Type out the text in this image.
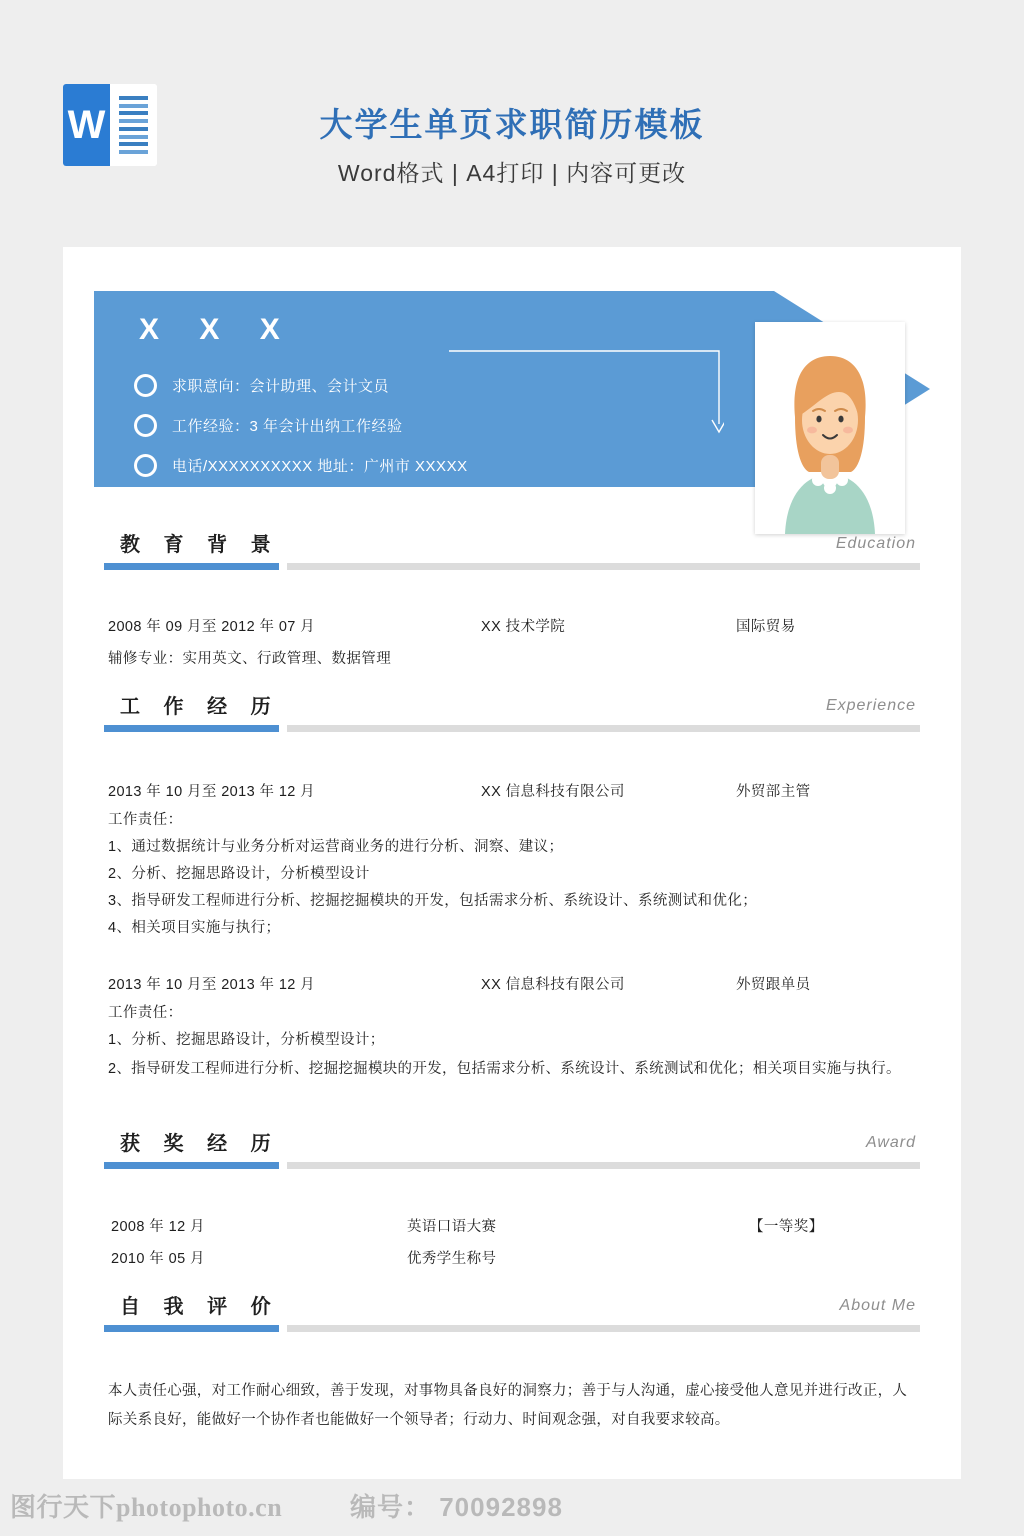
W	大学生单页求职简历模板
Word格式 | A4打印 | 内容可更改
X X X
求职意向：会计助理、会计文员
工作经验：3 年会计出纳工作经验
电话/XXXXXXXXXX 地址：广州市 XXXXX
教 育 背 景	Education
2008 年 09 月至 2012 年 07 月	XX 技术学院	国际贸易
辅修专业：实用英文、行政管理、数据管理
工 作 经 历	Experience
2013 年 10 月至 2013 年 12 月	XX 信息科技有限公司	外贸部主管
工作责任：
1、通过数据统计与业务分析对运营商业务的进行分析、洞察、建议；
2、分析、挖掘思路设计，分析模型设计
3、指导研发工程师进行分析、挖掘挖掘模块的开发，包括需求分析、系统设计、系统测试和优化；
4、相关项目实施与执行；
2013 年 10 月至 2013 年 12 月	XX 信息科技有限公司	外贸跟单员
工作责任：
1、分析、挖掘思路设计，分析模型设计；
2、指导研发工程师进行分析、挖掘挖掘模块的开发，包括需求分析、系统设计、系统测试和优化；相关项目实施与执行。
获 奖 经 历	Award
2008 年 12 月	英语口语大赛	【一等奖】
2010 年 05 月	优秀学生称号
自 我 评 价	About Me
本人责任心强，对工作耐心细致，善于发现，对事物具备良好的洞察力；善于与人沟通，虚心接受他人意见并进行改正，人际关系良好，能做好一个协作者也能做好一个领导者；行动力、时间观念强，对自我要求较高。
图行天下photophoto.cn	编号： 70092898
